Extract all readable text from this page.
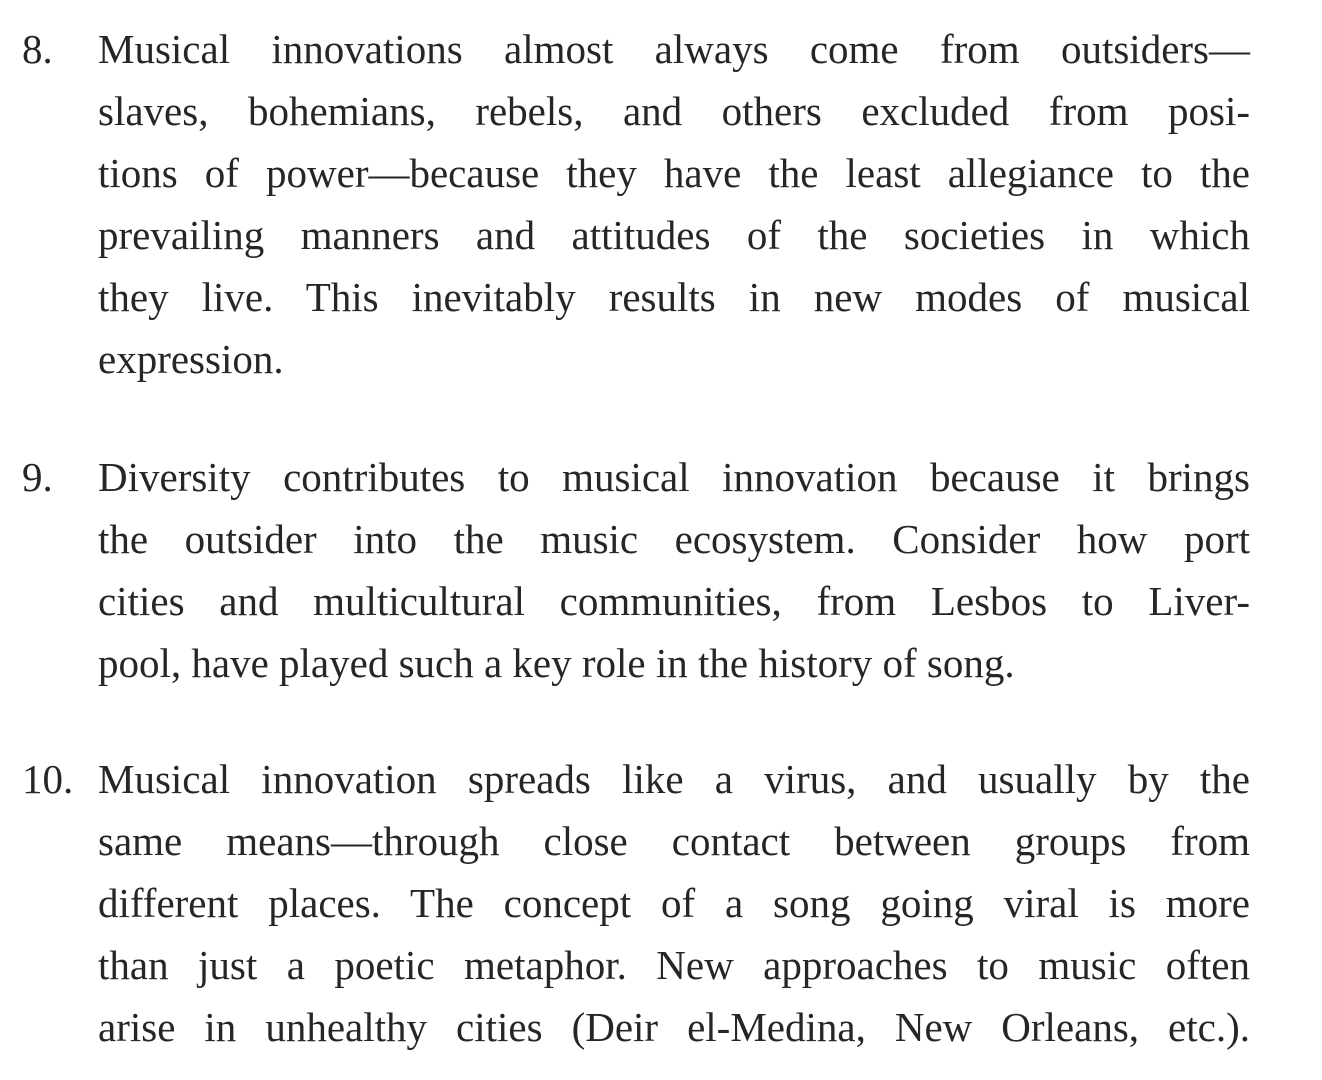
8.	Musical innovations almost always come from outsiders—
slaves, bohemians, rebels, and others excluded from posi-
tions of power—because they have the least allegiance to the
prevailing manners and attitudes of the societies in which
they live. This inevitably results in new modes of musical
expression.
9.	Diversity contributes to musical innovation because it brings
the outsider into the music ecosystem. Consider how port
cities and multicultural communities, from Lesbos to Liver-
pool, have played such a key role in the history of song.
10. Musical innovation spreads like a virus, and usually by the
same means—through close contact between groups from
different places. The concept of a song going viral is more
than just a poetic metaphor. New approaches to music often
arise in unhealthy cities (Deir el-Medina, New Orleans, etc.).
